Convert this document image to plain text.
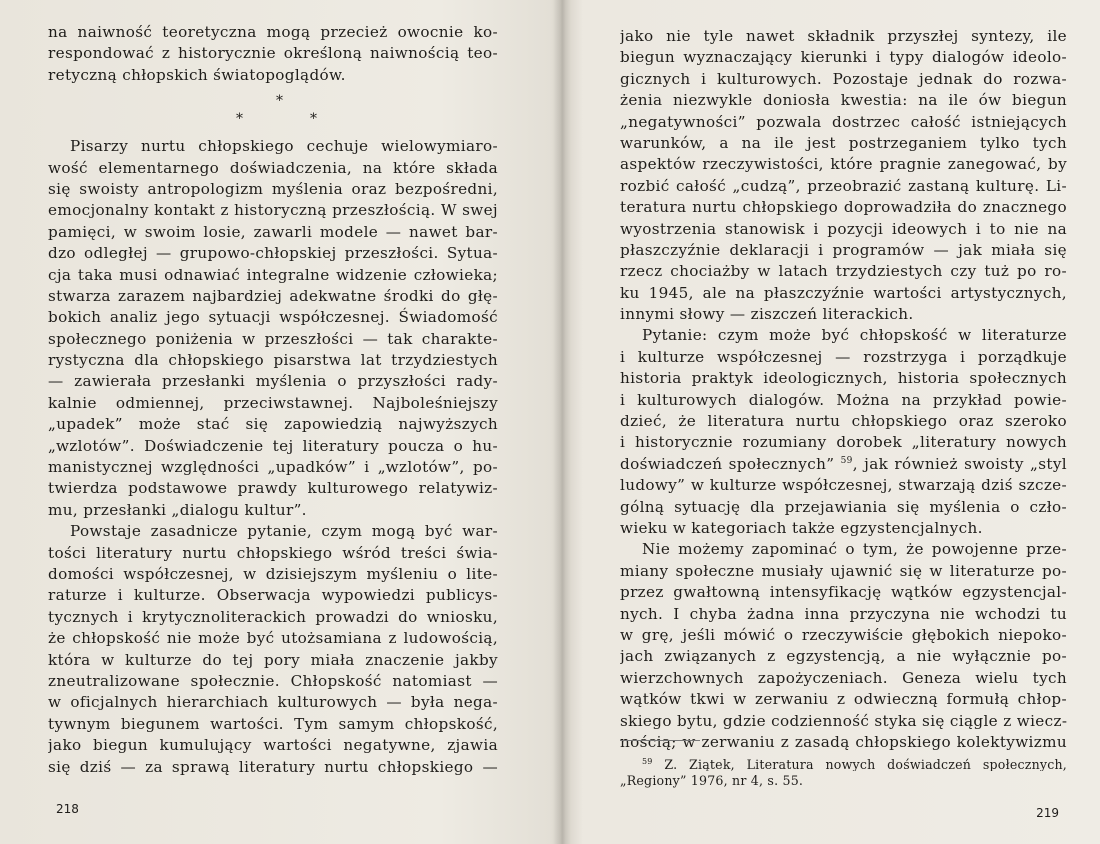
na naiwność teoretyczna mogą przecież owocnie ko-
respondować z historycznie określoną naiwnością teo-
retyczną chłopskich światopoglądów.
*
*	*
Pisarzy nurtu chłopskiego cechuje wielowymiaro-
wość elementarnego doświadczenia, na które składa
się swoisty antropologizm myślenia oraz bezpośredni,
emocjonalny kontakt z historyczną przeszłością. W swej
pamięci, w swoim losie, zawarli modele — nawet bar-
dzo odległej — grupowo-chłopskiej przeszłości. Sytua-
cja taka musi odnawiać integralne widzenie człowieka;
stwarza zarazem najbardziej adekwatne środki do głę-
bokich analiz jego sytuacji współczesnej. Świadomość
społecznego poniżenia w przeszłości — tak charakte-
rystyczna dla chłopskiego pisarstwa lat trzydziestych
— zawierała przesłanki myślenia o przyszłości rady-
kalnie odmiennej, przeciwstawnej. Najboleśniejszy
„upadek” może stać się zapowiedzią najwyższych
„wzlotów”. Doświadczenie tej literatury poucza o hu-
manistycznej względności „upadków” i „wzlotów”, po-
twierdza podstawowe prawdy kulturowego relatywiz-
mu, przesłanki „dialogu kultur”.
Powstaje zasadnicze pytanie, czym mogą być war-
tości literatury nurtu chłopskiego wśród treści świa-
domości współczesnej, w dzisiejszym myśleniu o lite-
raturze i kulturze. Obserwacja wypowiedzi publicys-
tycznych i krytycznoliterackich prowadzi do wniosku,
że chłopskość nie może być utożsamiana z ludowością,
która w kulturze do tej pory miała znaczenie jakby
zneutralizowane społecznie. Chłopskość natomiast —
w oficjalnych hierarchiach kulturowych — była nega-
tywnym biegunem wartości. Tym samym chłopskość,
jako biegun kumulujący wartości negatywne, zjawia
się dziś — za sprawą literatury nurtu chłopskiego —
218
jako nie tyle nawet składnik przyszłej syntezy, ile
biegun wyznaczający kierunki i typy dialogów ideolo-
gicznych i kulturowych. Pozostaje jednak do rozwa-
żenia niezwykle doniosła kwestia: na ile ów biegun
„negatywności” pozwala dostrzec całość istniejących
warunków, a na ile jest postrzeganiem tylko tych
aspektów rzeczywistości, które pragnie zanegować, by
rozbić całość „cudzą”, przeobrazić zastaną kulturę. Li-
teratura nurtu chłopskiego doprowadziła do znacznego
wyostrzenia stanowisk i pozycji ideowych i to nie na
płaszczyźnie deklaracji i programów — jak miała się
rzecz chociażby w latach trzydziestych czy tuż po ro-
ku 1945, ale na płaszczyźnie wartości artystycznych,
innymi słowy — ziszczeń literackich.
Pytanie: czym może być chłopskość w literaturze
i kulturze współczesnej — rozstrzyga i porządkuje
historia praktyk ideologicznych, historia społecznych
i kulturowych dialogów. Można na przykład powie-
dzieć, że literatura nurtu chłopskiego oraz szeroko
i historycznie rozumiany dorobek „literatury nowych
doświadczeń społecznych” $^{59}$, jak również swoisty „styl
ludowy” w kulturze współczesnej, stwarzają dziś szcze-
gólną sytuację dla przejawiania się myślenia o czło-
wieku w kategoriach także egzystencjalnych.
Nie możemy zapominać o tym, że powojenne prze-
miany społeczne musiały ujawnić się w literaturze po-
przez gwałtowną intensyfikację wątków egzystencjal-
nych. I chyba żadna inna przyczyna nie wchodzi tu
w grę, jeśli mówić o rzeczywiście głębokich niepoko-
jach związanych z egzystencją, a nie wyłącznie po-
wierzchownych zapożyczeniach. Geneza wielu tych
wątków tkwi w zerwaniu z odwieczną formułą chłop-
skiego bytu, gdzie codzienność styka się ciągle z wiecz-
nością; w zerwaniu z zasadą chłopskiego kolektywizmu
$^{59}$ Z. Ziątek, Literatura nowych doświadczeń społecznych,
„Regiony” 1976, nr 4, s. 55.
219
